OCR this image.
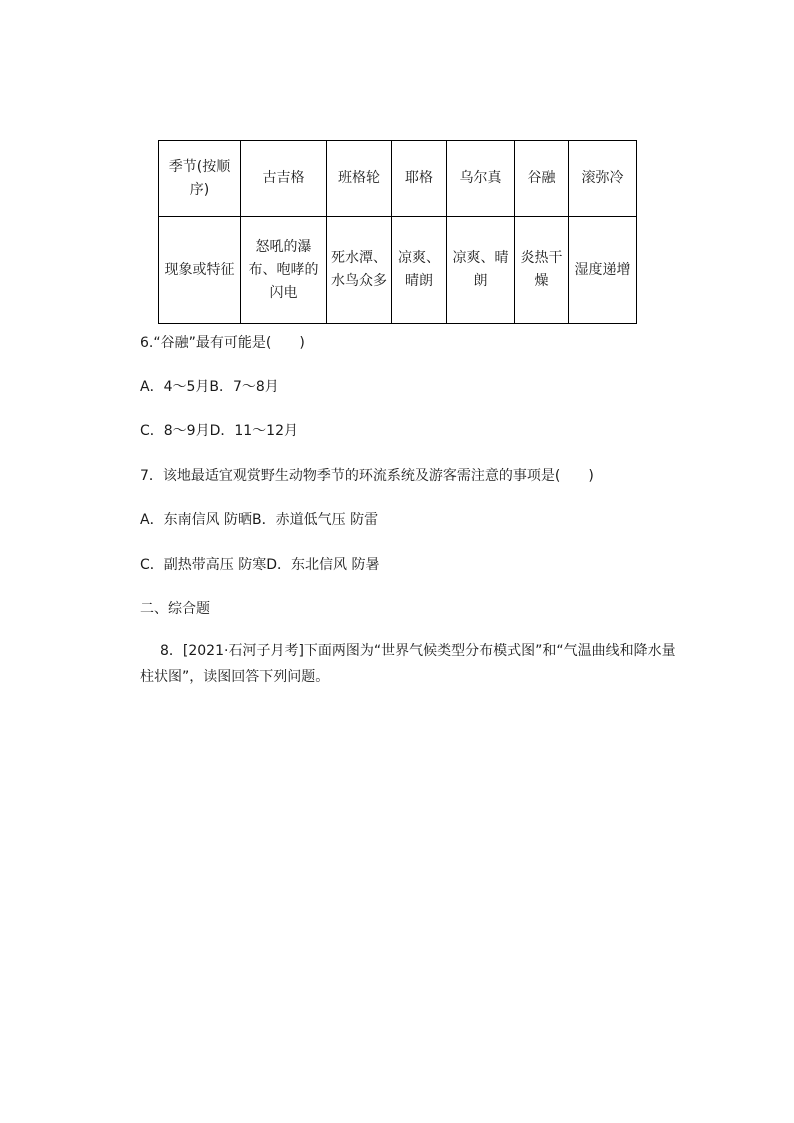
季节(按顺序)	古吉格	班格轮	耶格	乌尔真	谷融	滚弥冷
现象或特征	怒吼的瀑布、咆哮的闪电	死水潭、水鸟众多	凉爽、晴朗	凉爽、晴朗	炎热干燥	湿度递增
6.“谷融”最有可能是( )
A．4～5月B．7～8月
C．8～9月D．11～12月
7．该地最适宜观赏野生动物季节的环流系统及游客需注意的事项是( )
A．东南信风 防晒B．赤道低气压 防雷
C．副热带高压 防寒D．东北信风 防暑
二、综合题
8．[2021·石河子月考]下面两图为“世界气候类型分布模式图”和“气温曲线和降水量柱状图”，读图回答下列问题。
